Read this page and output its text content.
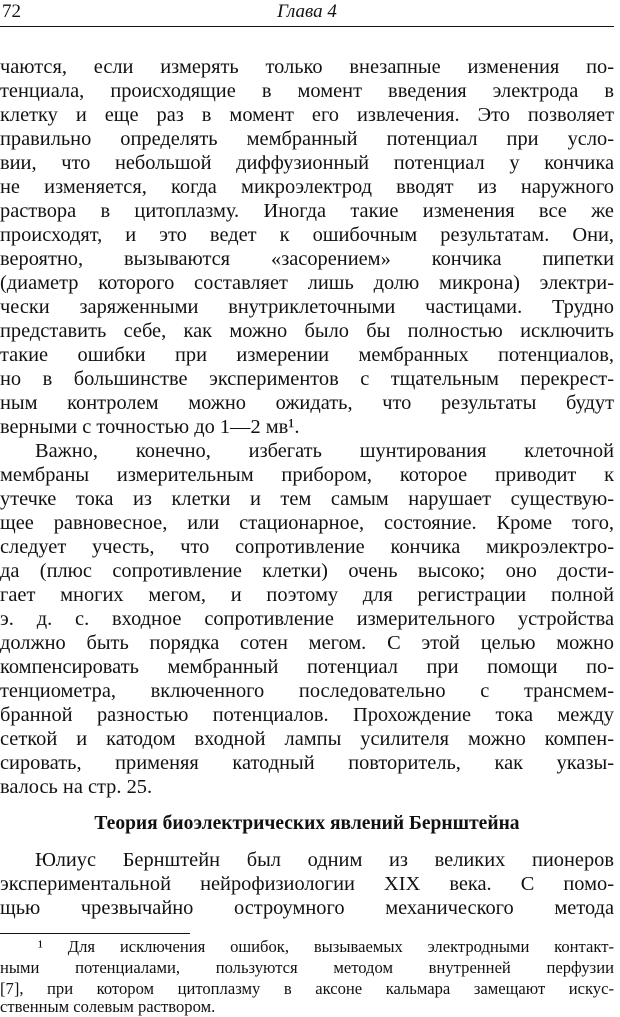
72	Глава 4
чаются, если измерять только внезапные изменения по-
тенциала, происходящие в момент введения электрода в
клетку и еще раз в момент его извлечения. Это позволяет
правильно определять мембранный потенциал при усло-
вии, что небольшой диффузионный потенциал у кончика
не изменяется, когда микроэлектрод вводят из наружного
раствора в цитоплазму. Иногда такие изменения все же
происходят, и это ведет к ошибочным результатам. Они,
вероятно, вызываются «засорением» кончика пипетки
(диаметр которого составляет лишь долю микрона) электри-
чески заряженными внутриклеточными частицами. Трудно
представить себе, как можно было бы полностью исключить
такие ошибки при измерении мембранных потенциалов,
но в большинстве экспериментов с тщательным перекрест-
ным контролем можно ожидать, что результаты будут
верными с точностью до 1—2 мв¹.
Важно, конечно, избегать шунтирования клеточной
мембраны измерительным прибором, которое приводит к
утечке тока из клетки и тем самым нарушает существую-
щее равновесное, или стационарное, состояние. Кроме того,
следует учесть, что сопротивление кончика микроэлектро-
да (плюс сопротивление клетки) очень высоко; оно дости-
гает многих мегом, и поэтому для регистрации полной
э. д. с. входное сопротивление измерительного устройства
должно быть порядка сотен мегом. С этой целью можно
компенсировать мембранный потенциал при помощи по-
тенциометра, включенного последовательно с трансмем-
бранной разностью потенциалов. Прохождение тока между
сеткой и катодом входной лампы усилителя можно компен-
сировать, применяя катодный повторитель, как указы-
валось на стр. 25.
Теория биоэлектрических явлений Бернштейна
Юлиус Бернштейн был одним из великих пионеров
экспериментальной нейрофизиологии XIX века. С помо-
щью чрезвычайно остроумного механического метода
¹ Для исключения ошибок, вызываемых электродными контакт-
ными потенциалами, пользуются методом внутренней перфузии
[7], при котором цитоплазму в аксоне кальмара замещают искус-
ственным солевым раствором.
